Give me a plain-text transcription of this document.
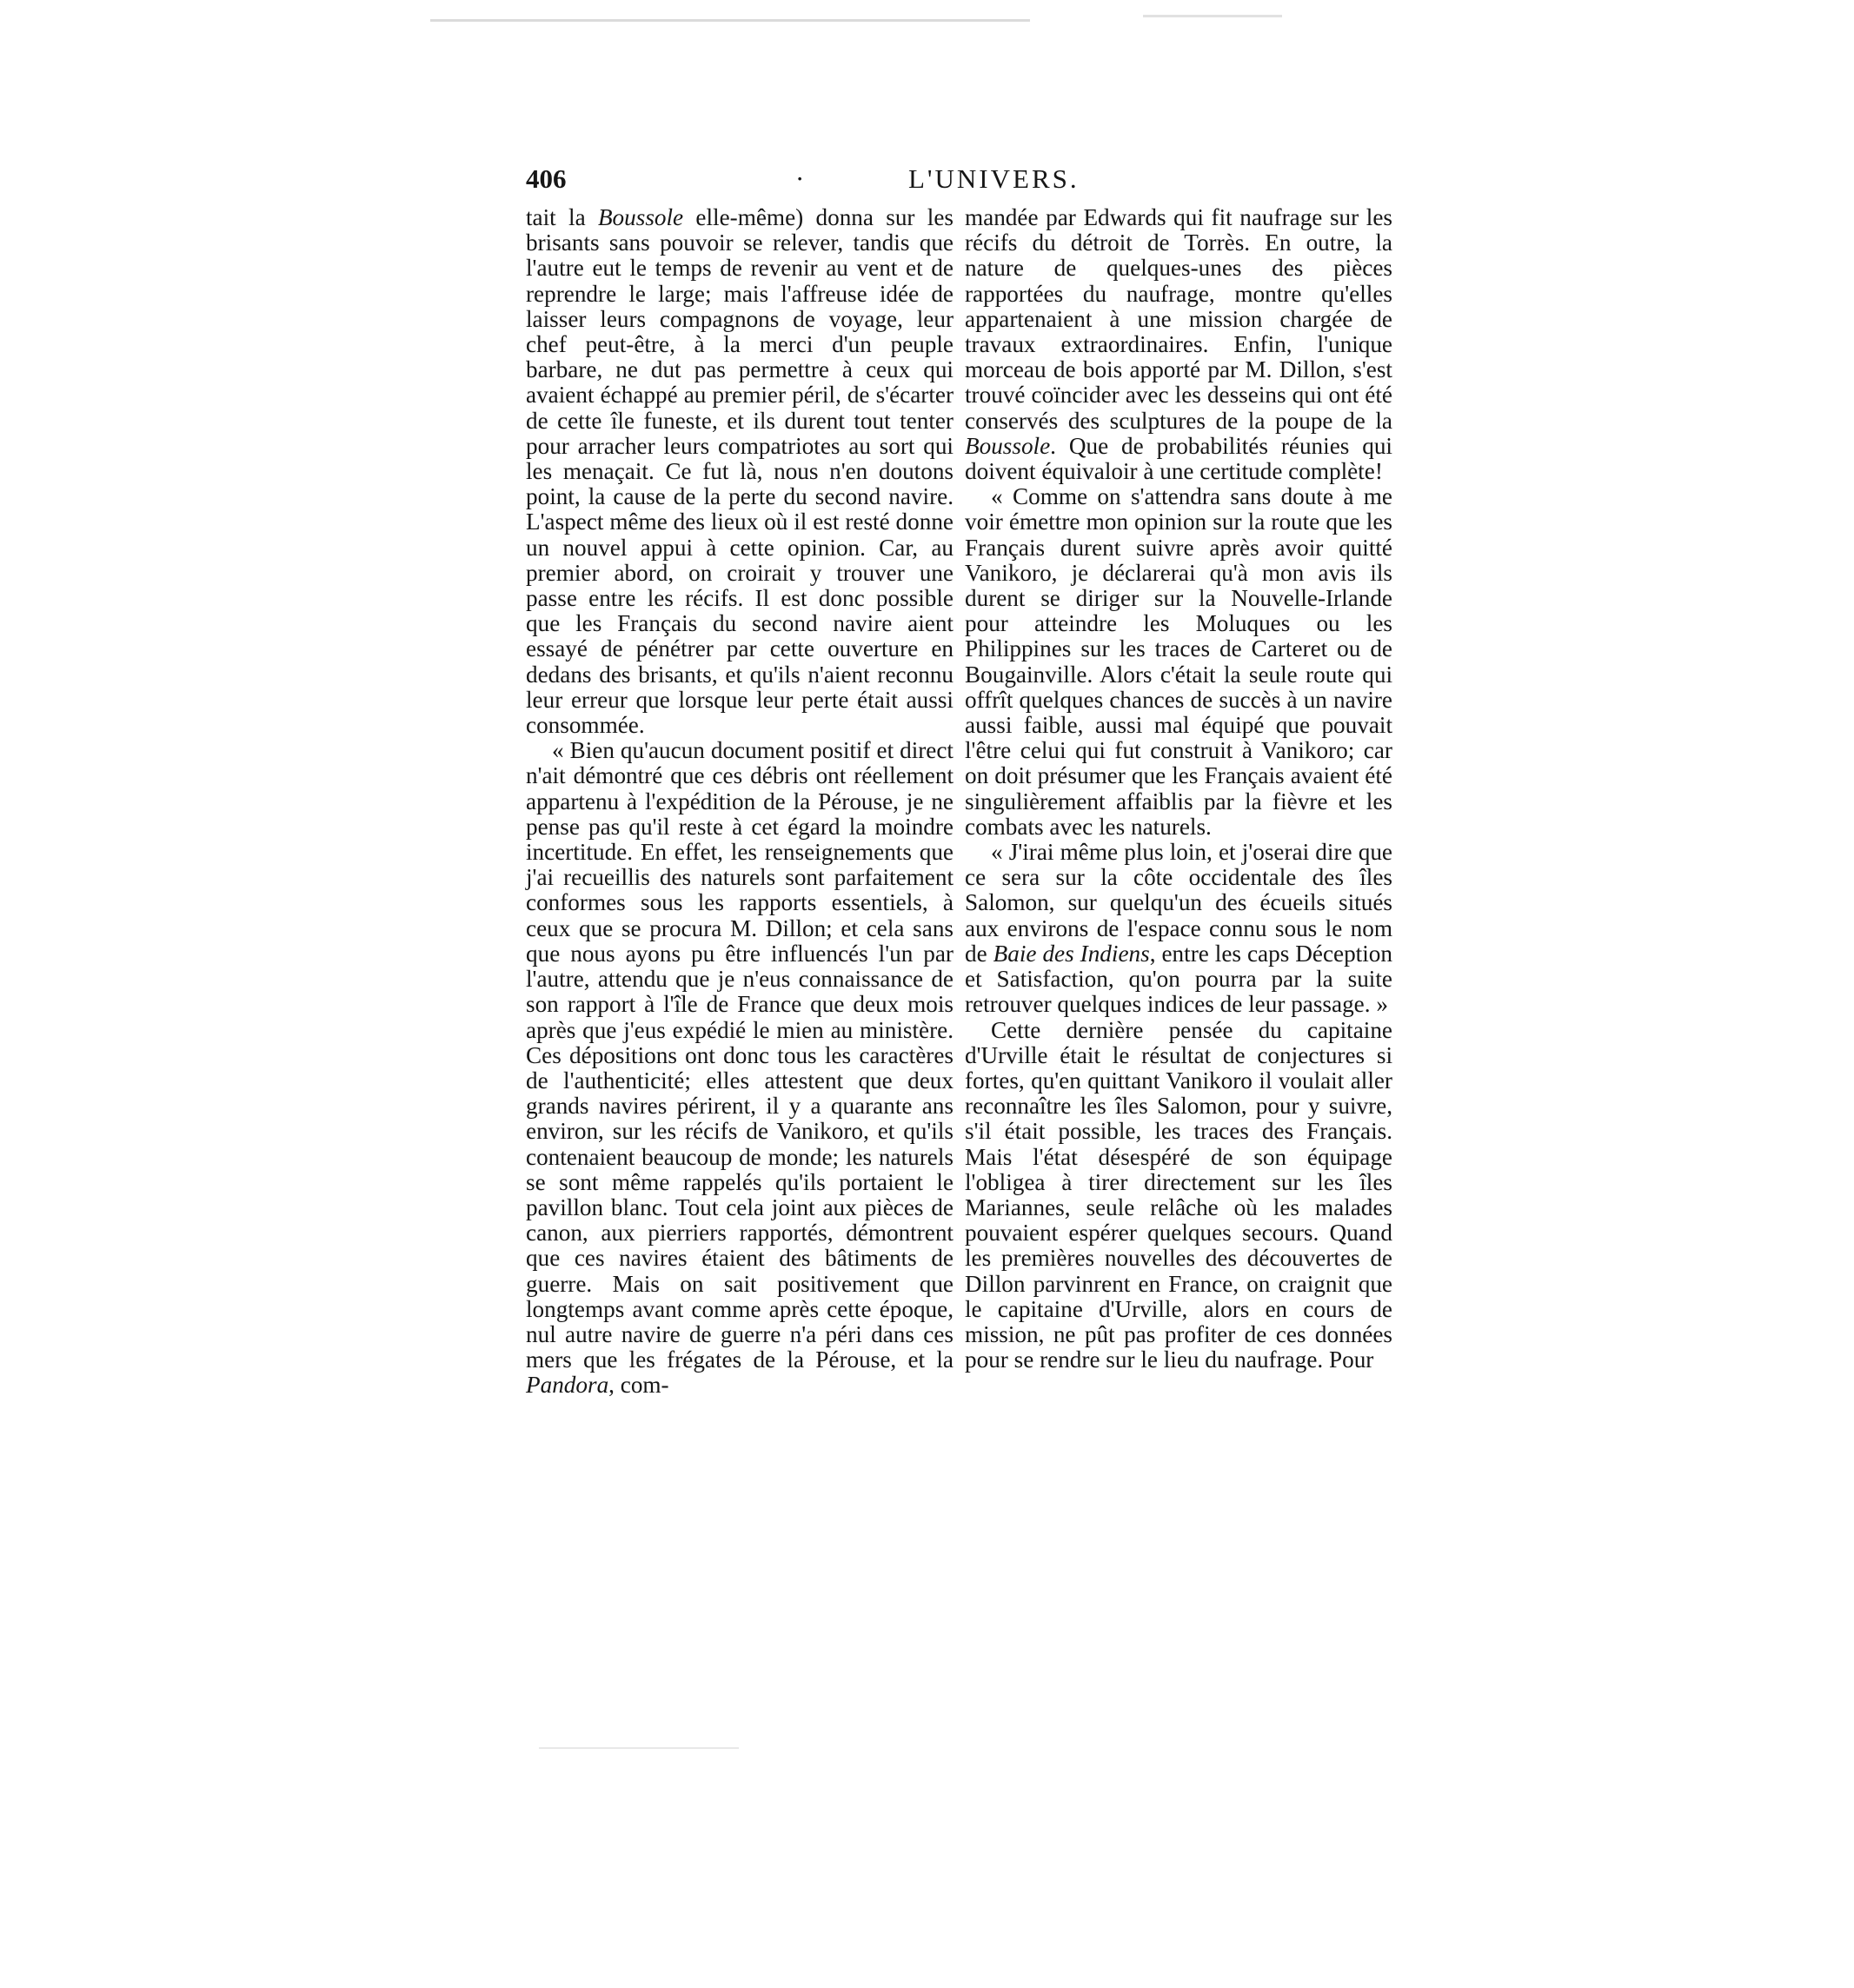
406	·	L'UNIVERS.

tait la Boussole elle-même) donna sur les brisants sans pouvoir se relever, tandis que l'autre eut le temps de revenir au vent et de reprendre le large; mais l'affreuse idée de laisser leurs compagnons de voyage, leur chef peut-être, à la merci d'un peuple barbare, ne dut pas permettre à ceux qui avaient échappé au premier péril, de s'écarter de cette île funeste, et ils durent tout tenter pour arracher leurs compatriotes au sort qui les menaçait. Ce fut là, nous n'en doutons point, la cause de la perte du second navire. L'aspect même des lieux où il est resté donne un nouvel appui à cette opinion. Car, au premier abord, on croirait y trouver une passe entre les récifs. Il est donc possible que les Français du second navire aient essayé de pénétrer par cette ouverture en dedans des brisants, et qu'ils n'aient reconnu leur erreur que lorsque leur perte était aussi consommée.

« Bien qu'aucun document positif et direct n'ait démontré que ces débris ont réellement appartenu à l'expédition de la Pérouse, je ne pense pas qu'il reste à cet égard la moindre incertitude. En effet, les renseignements que j'ai recueillis des naturels sont parfaitement conformes sous les rapports essentiels, à ceux que se procura M. Dillon; et cela sans que nous ayons pu être influencés l'un par l'autre, attendu que je n'eus connaissance de son rapport à l'île de France que deux mois après que j'eus expédié le mien au ministère. Ces dépositions ont donc tous les caractères de l'authenticité; elles attestent que deux grands navires périrent, il y a quarante ans environ, sur les récifs de Vanikoro, et qu'ils contenaient beaucoup de monde; les naturels se sont même rappelés qu'ils portaient le pavillon blanc. Tout cela joint aux pièces de canon, aux pierriers rapportés, démontrent que ces navires étaient des bâtiments de guerre. Mais on sait positivement que longtemps avant comme après cette époque, nul autre navire de guerre n'a péri dans ces mers que les frégates de la Pérouse, et la Pandora, com-

mandée par Edwards qui fit naufrage sur les récifs du détroit de Torrès. En outre, la nature de quelques-unes des pièces rapportées du naufrage, montre qu'elles appartenaient à une mission chargée de travaux extraordinaires. Enfin, l'unique morceau de bois apporté par M. Dillon, s'est trouvé coïncider avec les desseins qui ont été conservés des sculptures de la poupe de la Boussole. Que de probabilités réunies qui doivent équivaloir à une certitude complète!

« Comme on s'attendra sans doute à me voir émettre mon opinion sur la route que les Français durent suivre après avoir quitté Vanikoro, je déclarerai qu'à mon avis ils durent se diriger sur la Nouvelle-Irlande pour atteindre les Moluques ou les Philippines sur les traces de Carteret ou de Bougainville. Alors c'était la seule route qui offrît quelques chances de succès à un navire aussi faible, aussi mal équipé que pouvait l'être celui qui fut construit à Vanikoro; car on doit présumer que les Français avaient été singulièrement affaiblis par la fièvre et les combats avec les naturels.

« J'irai même plus loin, et j'oserai dire que ce sera sur la côte occidentale des îles Salomon, sur quelqu'un des écueils situés aux environs de l'espace connu sous le nom de Baie des Indiens, entre les caps Déception et Satisfaction, qu'on pourra par la suite retrouver quelques indices de leur passage. »

Cette dernière pensée du capitaine d'Urville était le résultat de conjectures si fortes, qu'en quittant Vanikoro il voulait aller reconnaître les îles Salomon, pour y suivre, s'il était possible, les traces des Français. Mais l'état désespéré de son équipage l'obligea à tirer directement sur les îles Mariannes, seule relâche où les malades pouvaient espérer quelques secours. Quand les premières nouvelles des découvertes de Dillon parvinrent en France, on craignit que le capitaine d'Urville, alors en cours de mission, ne pût pas profiter de ces données pour se rendre sur le lieu du naufrage. Pour
